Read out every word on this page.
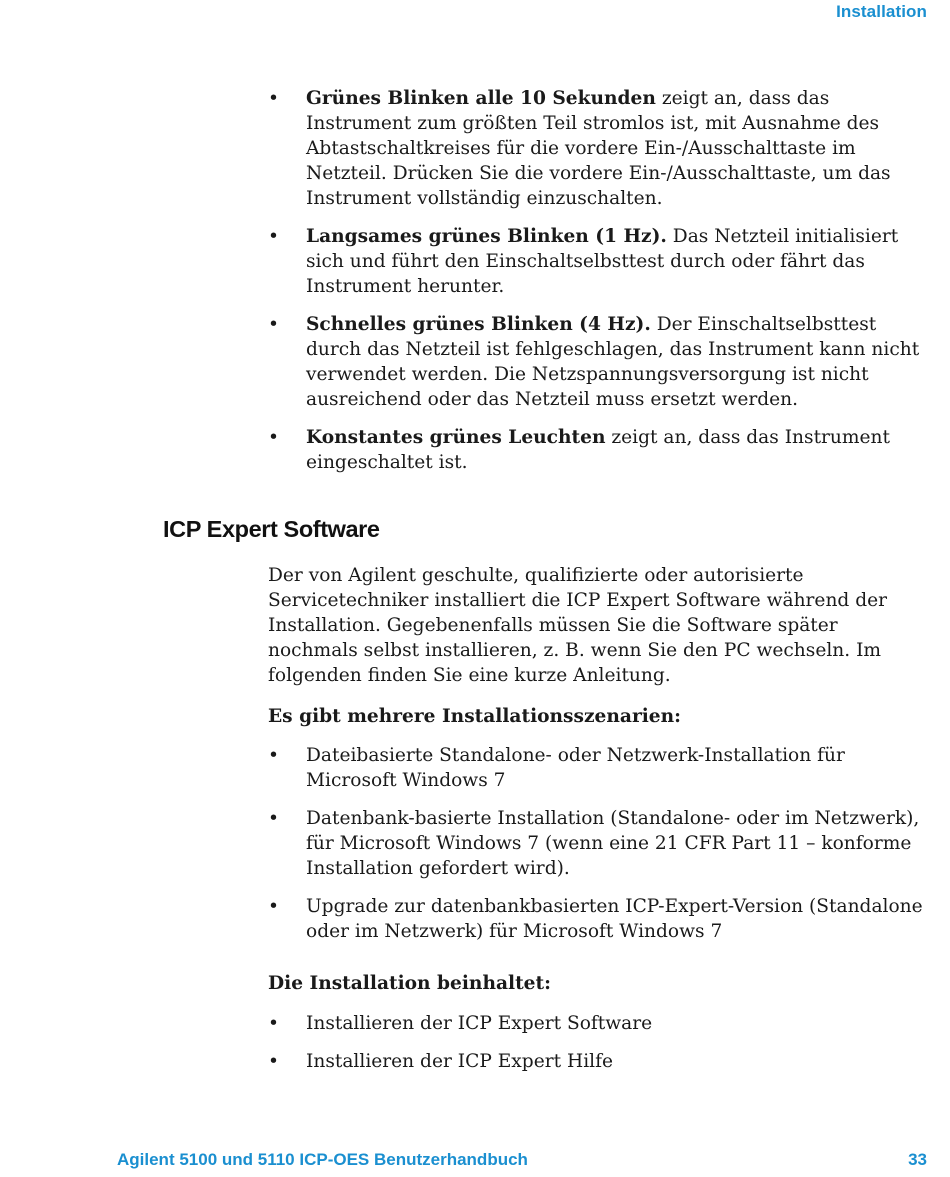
Installation
• Grünes Blinken alle 10 Sekunden zeigt an, dass das Instrument zum größten Teil stromlos ist, mit Ausnahme des Abtastschaltkreises für die vordere Ein-/Ausschalttaste im Netzteil. Drücken Sie die vordere Ein-/Ausschalttaste, um das Instrument vollständig einzuschalten.
• Langsames grünes Blinken (1 Hz). Das Netzteil initialisiert sich und führt den Einschaltselbsttest durch oder fährt das Instrument herunter.
• Schnelles grünes Blinken (4 Hz). Der Einschaltselbsttest durch das Netzteil ist fehlgeschlagen, das Instrument kann nicht verwendet werden. Die Netzspannungsversorgung ist nicht ausreichend oder das Netzteil muss ersetzt werden.
• Konstantes grünes Leuchten zeigt an, dass das Instrument eingeschaltet ist.
ICP Expert Software

Der von Agilent geschulte, qualifizierte oder autorisierte Servicetechniker installiert die ICP Expert Software während der Installation. Gegebenenfalls müssen Sie die Software später nochmals selbst installieren, z. B. wenn Sie den PC wechseln. Im folgenden finden Sie eine kurze Anleitung.

Es gibt mehrere Installationsszenarien:

• Dateibasierte Standalone- oder Netzwerk-Installation für Microsoft Windows 7
• Datenbank-basierte Installation (Standalone- oder im Netzwerk), für Microsoft Windows 7 (wenn eine 21 CFR Part 11 – konforme Installation gefordert wird).
• Upgrade zur datenbankbasierten ICP-Expert-Version (Standalone oder im Netzwerk) für Microsoft Windows 7

Die Installation beinhaltet:

• Installieren der ICP Expert Software
• Installieren der ICP Expert Hilfe
Agilent 5100 und 5110 ICP-OES Benutzerhandbuch	33
